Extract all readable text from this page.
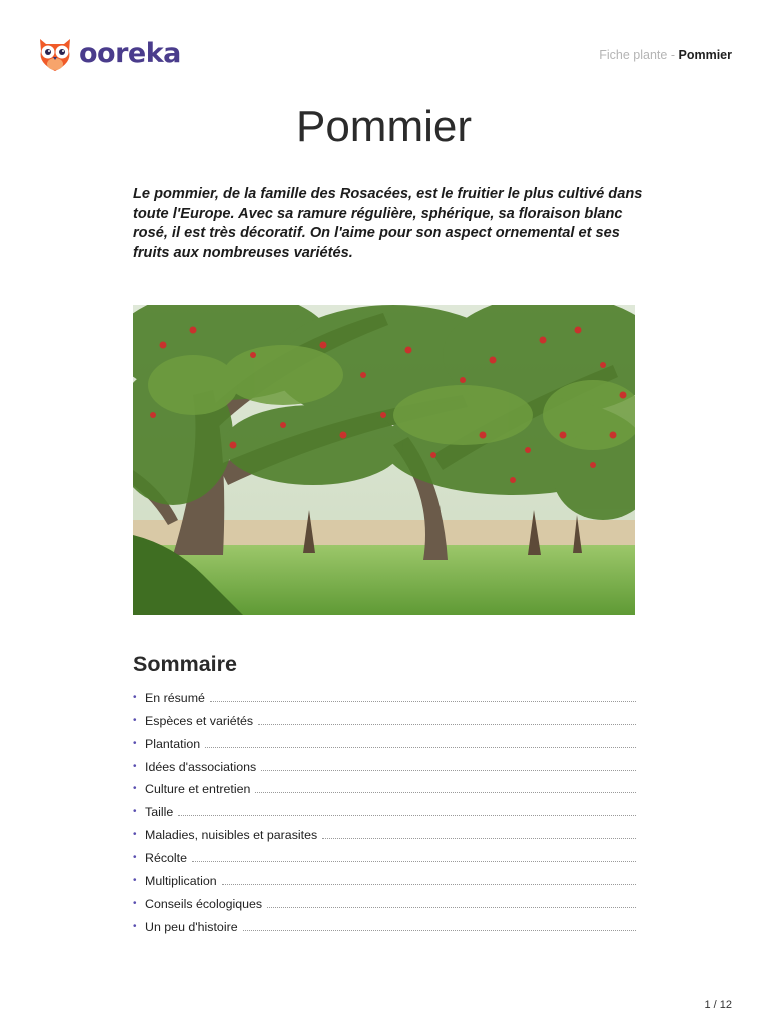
ooreka	Fiche plante - Pommier
Pommier

Le pommier, de la famille des Rosacées, est le fruitier le plus cultivé dans toute l'Europe. Avec sa ramure régulière, sphérique, sa floraison blanc rosé, il est très décoratif. On l'aime pour son aspect ornemental et ses fruits aux nombreuses variétés.

Sommaire
• En résumé
• Espèces et variétés
• Plantation
• Idées d'associations
• Culture et entretien
• Taille
• Maladies, nuisibles et parasites
• Récolte
• Multiplication
• Conseils écologiques
• Un peu d'histoire
1 / 12
